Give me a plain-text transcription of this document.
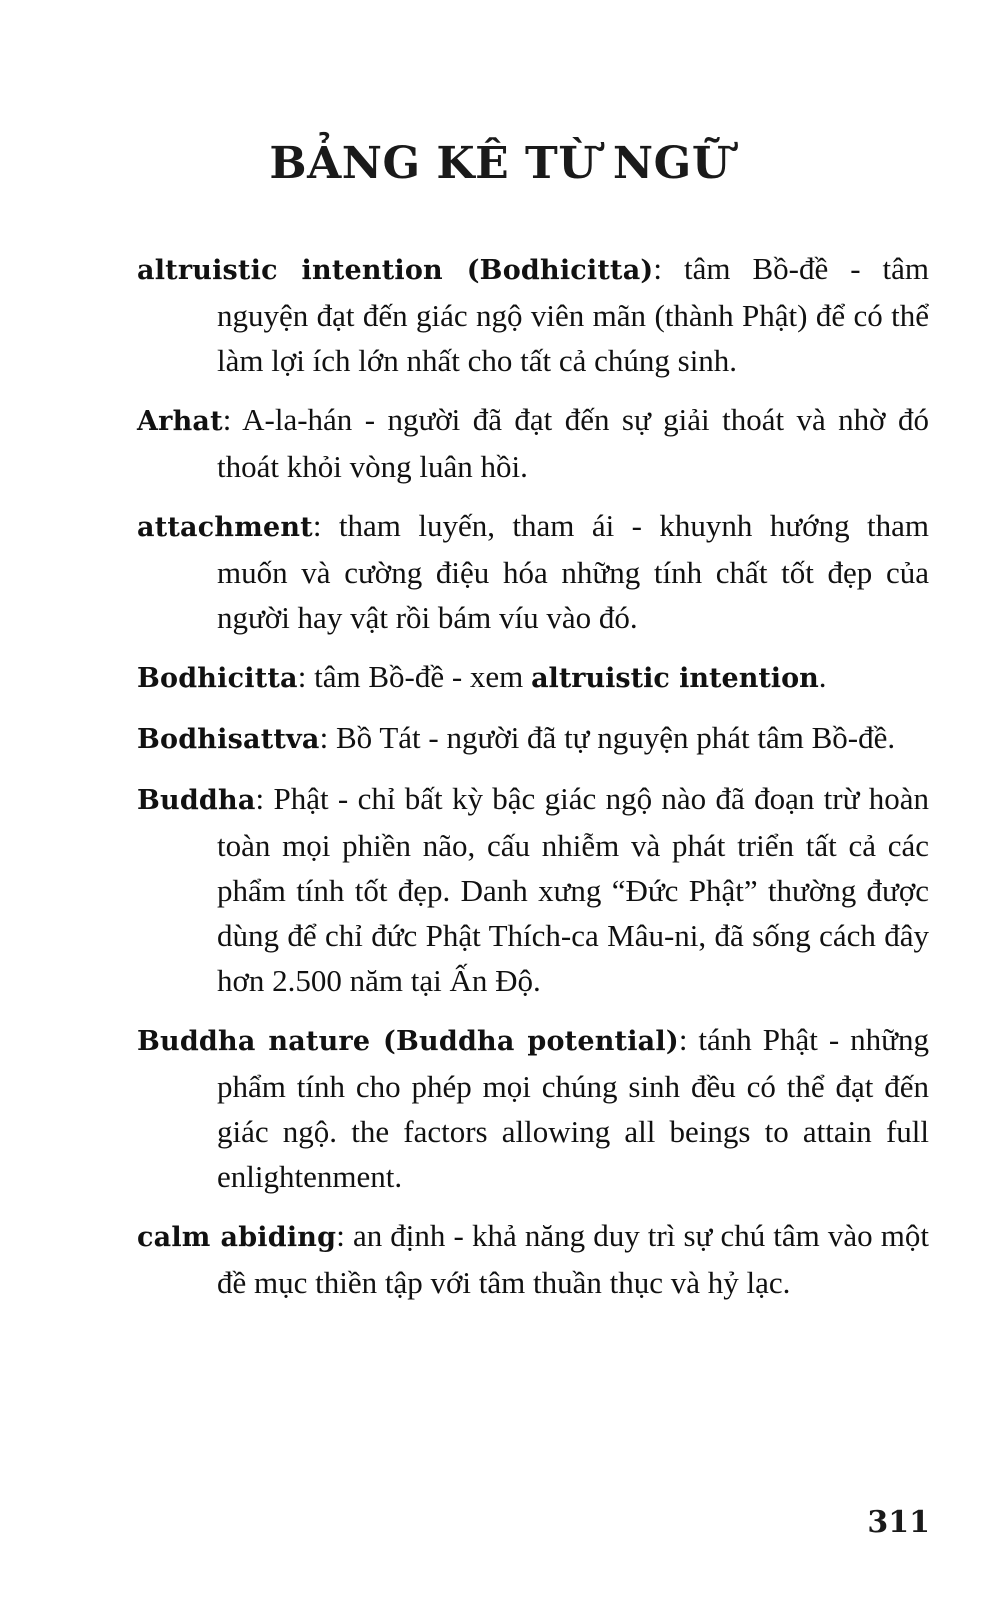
BẢNG KÊ TỪ NGỮ

altruistic intention (Bodhicitta): tâm Bồ-đề - tâm nguyện đạt đến giác ngộ viên mãn (thành Phật) để có thể làm lợi ích lớn nhất cho tất cả chúng sinh.

Arhat: A-la-hán - người đã đạt đến sự giải thoát và nhờ đó thoát khỏi vòng luân hồi.

attachment: tham luyến, tham ái - khuynh hướng tham muốn và cường điệu hóa những tính chất tốt đẹp của người hay vật rồi bám víu vào đó.

Bodhicitta: tâm Bồ-đề - xem altruistic intention.

Bodhisattva: Bồ Tát - người đã tự nguyện phát tâm Bồ-đề.

Buddha: Phật - chỉ bất kỳ bậc giác ngộ nào đã đoạn trừ hoàn toàn mọi phiền não, cấu nhiễm và phát triển tất cả các phẩm tính tốt đẹp. Danh xưng “Đức Phật” thường được dùng để chỉ đức Phật Thích-ca Mâu-ni, đã sống cách đây hơn 2.500 năm tại Ấn Độ.

Buddha nature (Buddha potential): tánh Phật - những phẩm tính cho phép mọi chúng sinh đều có thể đạt đến giác ngộ. the factors allowing all beings to attain full enlightenment.

calm abiding: an định - khả năng duy trì sự chú tâm vào một đề mục thiền tập với tâm thuần thục và hỷ lạc.

311
